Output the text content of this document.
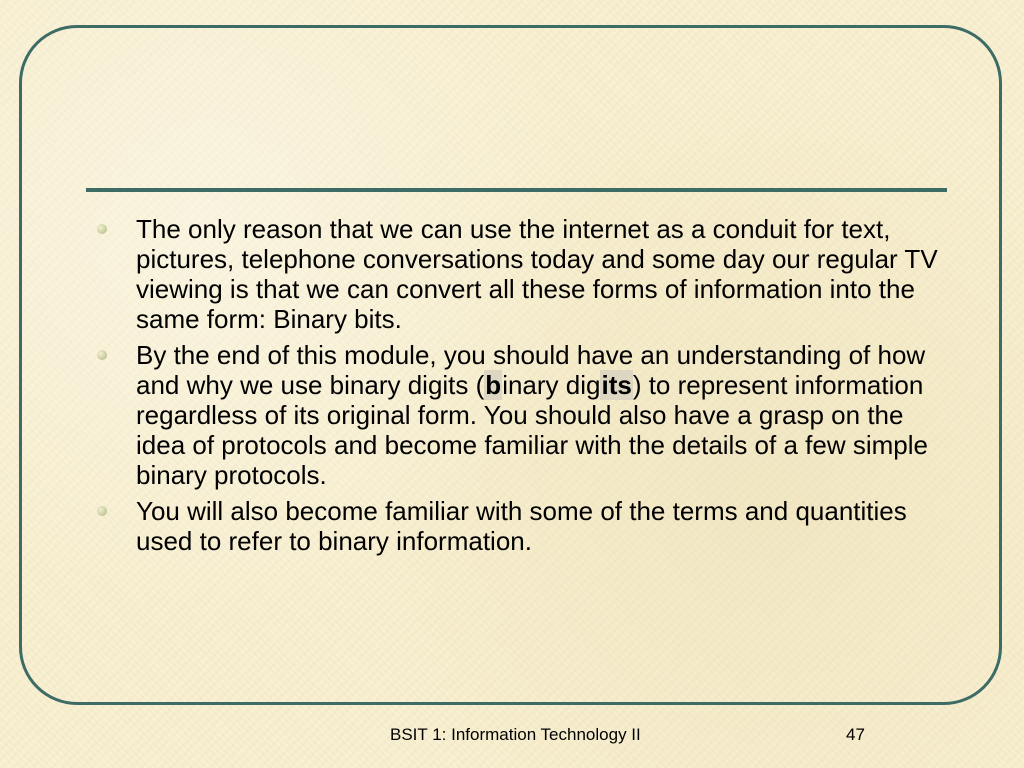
The only reason that we can use the internet as a conduit for text, pictures, telephone conversations today and some day our regular TV viewing is that we can convert all these forms of information into the same form: Binary bits.
By the end of this module, you should have an understanding of how and why we use binary digits (binary digits) to represent information regardless of its original form. You should also have a grasp on the idea of protocols and become familiar with the details of a few simple binary protocols.
You will also become familiar with some of the terms and quantities used to refer to binary information.
BSIT 1: Information Technology II	47
